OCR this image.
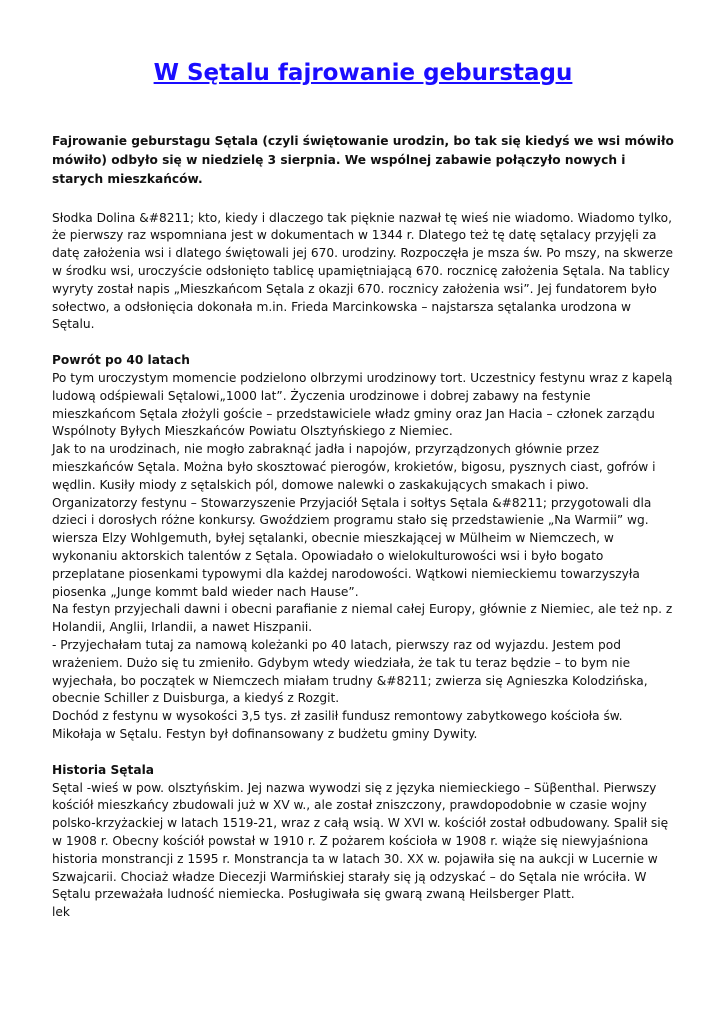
W Sętalu fajrowanie geburstagu

Fajrowanie geburstagu Sętala (czyli świętowanie urodzin, bo tak się kiedyś we wsi mówiło mówiło) odbyło się w niedzielę 3 sierpnia. We wspólnej zabawie połączyło nowych i starych mieszkańców.

Słodka Dolina &#8211; kto, kiedy i dlaczego tak pięknie nazwał tę wieś nie wiadomo. Wiadomo tylko, że pierwszy raz wspomniana jest w dokumentach w 1344 r. Dlatego też tę datę sętalacy przyjęli za datę założenia wsi i dlatego świętowali jej 670. urodziny. Rozpoczęła je msza św. Po mszy, na skwerze w środku wsi, uroczyście odsłonięto tablicę upamiętniającą 670. rocznicę założenia Sętala. Na tablicy wyryty został napis „Mieszkańcom Sętala z okazji 670. rocznicy założenia wsi”. Jej fundatorem było sołectwo, a odsłonięcia dokonała m.in. Frieda Marcinkowska – najstarsza sętalanka urodzona w Sętalu.

Powrót po 40 latach

Po tym uroczystym momencie podzielono olbrzymi urodzinowy tort. Uczestnicy festynu wraz z kapelą ludową odśpiewali Sętalowi„1000 lat”. Życzenia urodzinowe i dobrej zabawy na festynie mieszkańcom Sętala złożyli goście – przedstawiciele władz gminy oraz Jan Hacia – członek zarządu Wspólnoty Byłych Mieszkańców Powiatu Olsztyńskiego z Niemiec.

Jak to na urodzinach, nie mogło zabraknąć jadła i napojów, przyrządzonych głównie przez mieszkańców Sętala. Można było skosztować pierogów, krokietów, bigosu, pysznych ciast, gofrów i wędlin. Kusiły miody z sętalskich pól, domowe nalewki o zaskakujących smakach i piwo.

Organizatorzy festynu – Stowarzyszenie Przyjaciół Sętala i sołtys Sętala &#8211; przygotowali dla dzieci i dorosłych różne konkursy. Gwoździem programu stało się przedstawienie „Na Warmii” wg. wiersza Elzy Wohlgemuth, byłej sętalanki, obecnie mieszkającej w Mülheim w Niemczech, w wykonaniu aktorskich talentów z Sętala. Opowiadało o wielokulturowości wsi i było bogato przeplatane piosenkami typowymi dla każdej narodowości. Wątkowi niemieckiemu towarzyszyła piosenka „Junge kommt bald wieder nach Hause”.

Na festyn przyjechali dawni i obecni parafianie z niemal całej Europy, głównie z Niemiec, ale też np. z Holandii, Anglii, Irlandii, a nawet Hiszpanii.

- Przyjechałam tutaj za namową koleżanki po 40 latach, pierwszy raz od wyjazdu. Jestem pod wrażeniem. Dużo się tu zmieniło. Gdybym wtedy wiedziała, że tak tu teraz będzie – to bym nie wyjechała, bo początek w Niemczech miałam trudny &#8211; zwierza się Agnieszka Kolodzińska, obecnie Schiller z Duisburga, a kiedyś z Rozgit.

Dochód z festynu w wysokości 3,5 tys. zł zasilił fundusz remontowy zabytkowego kościoła św. Mikołaja w Sętalu. Festyn był dofinansowany z budżetu gminy Dywity.

Historia Sętala

Sętal -wieś w pow. olsztyńskim. Jej nazwa wywodzi się z języka niemieckiego – Süβenthal. Pierwszy kościół mieszkańcy zbudowali już w XV w., ale został zniszczony, prawdopodobnie w czasie wojny polsko-krzyżackiej w latach 1519-21, wraz z całą wsią. W XVI w. kościół został odbudowany. Spalił się w 1908 r. Obecny kościół powstał w 1910 r. Z pożarem kościoła w 1908 r. wiąże się niewyjaśniona historia monstrancji z 1595 r. Monstrancja ta w latach 30. XX w. pojawiła się na aukcji w Lucernie w Szwajcarii. Chociaż władze Diecezji Warmińskiej starały się ją odzyskać – do Sętala nie wróciła. W Sętalu przeważała ludność niemiecka. Posługiwała się gwarą zwaną Heilsberger Platt.

lek
